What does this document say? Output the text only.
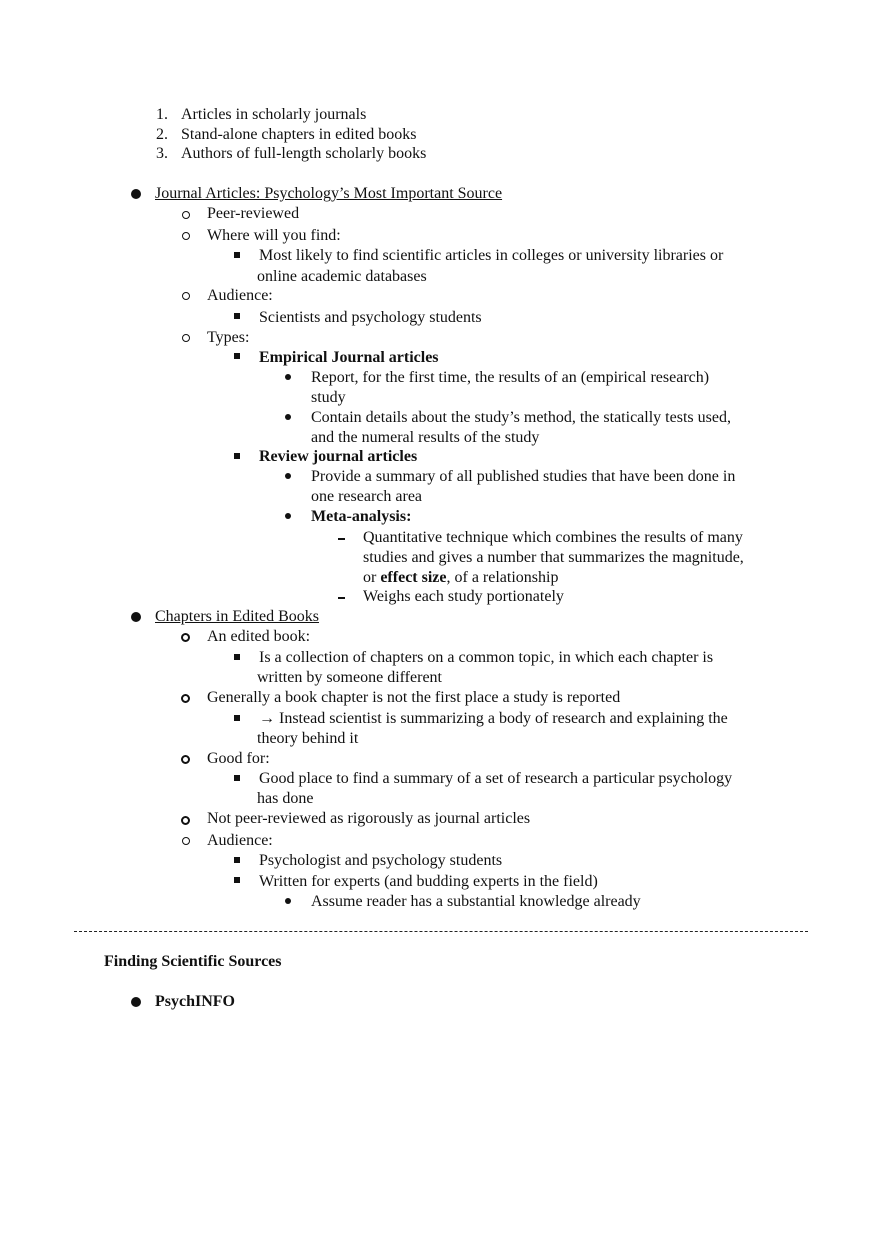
1. Articles in scholarly journals
2. Stand-alone chapters in edited books
3. Authors of full-length scholarly books
Journal Articles: Psychology’s Most Important Source
Peer-reviewed
Where will you find:
Most likely to find scientific articles in colleges or university libraries or
online academic databases
Audience:
Scientists and psychology students
Types:
Empirical Journal articles
Report, for the first time, the results of an (empirical research)
study
Contain details about the study’s method, the statically tests used,
and the numeral results of the study
Review journal articles
Provide a summary of all published studies that have been done in
one research area
Meta-analysis:
Quantitative technique which combines the results of many
studies and gives a number that summarizes the magnitude,
or effect size, of a relationship
Weighs each study portionately
Chapters in Edited Books
An edited book:
Is a collection of chapters on a common topic, in which each chapter is
written by someone different
Generally a book chapter is not the first place a study is reported
→ Instead scientist is summarizing a body of research and explaining the
theory behind it
Good for:
Good place to find a summary of a set of research a particular psychology
has done
Not peer-reviewed as rigorously as journal articles
Audience:
Psychologist and psychology students
Written for experts (and budding experts in the field)
Assume reader has a substantial knowledge already
Finding Scientific Sources
PsychINFO
